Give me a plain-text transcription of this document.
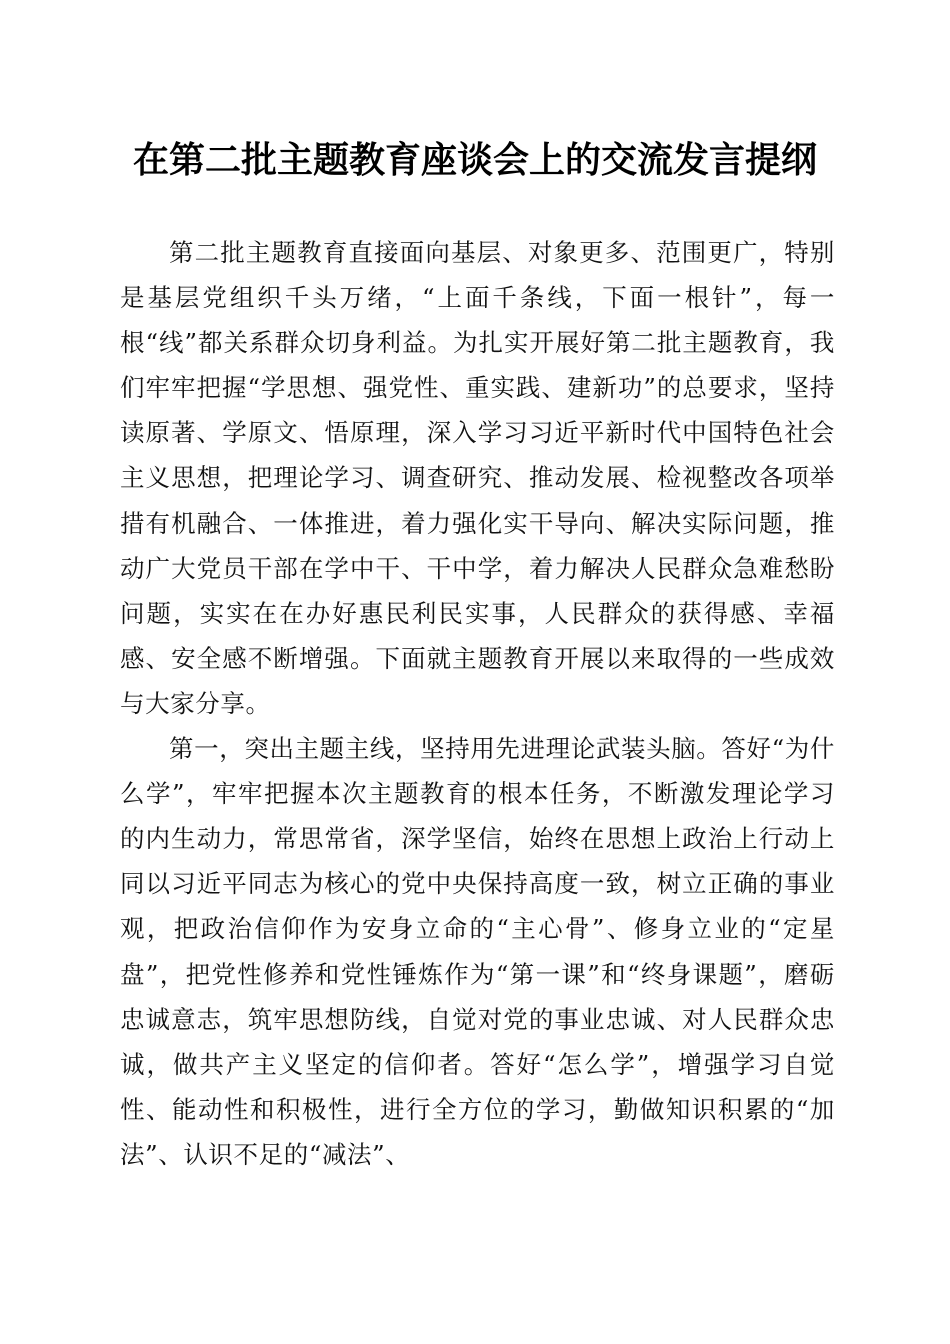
在第二批主题教育座谈会上的交流发言提纲

第二批主题教育直接面向基层、对象更多、范围更广，特别是基层党组织千头万绪，“上面千条线，下面一根针”，每一根“线”都关系群众切身利益。为扎实开展好第二批主题教育，我们牢牢把握“学思想、强党性、重实践、建新功”的总要求，坚持读原著、学原文、悟原理，深入学习习近平新时代中国特色社会主义思想，把理论学习、调查研究、推动发展、检视整改各项举措有机融合、一体推进，着力强化实干导向、解决实际问题，推动广大党员干部在学中干、干中学，着力解决人民群众急难愁盼问题，实实在在办好惠民利民实事，人民群众的获得感、幸福感、安全感不断增强。下面就主题教育开展以来取得的一些成效与大家分享。

第一，突出主题主线，坚持用先进理论武装头脑。答好“为什么学”，牢牢把握本次主题教育的根本任务，不断激发理论学习的内生动力，常思常省，深学坚信，始终在思想上政治上行动上同以习近平同志为核心的党中央保持高度一致，树立正确的事业观，把政治信仰作为安身立命的“主心骨”、修身立业的“定星盘”，把党性修养和党性锤炼作为“第一课”和“终身课题”，磨砺忠诚意志，筑牢思想防线，自觉对党的事业忠诚、对人民群众忠诚，做共产主义坚定的信仰者。答好“怎么学”，增强学习自觉性、能动性和积极性，进行全方位的学习，勤做知识积累的“加法”、认识不足的“减法”、
